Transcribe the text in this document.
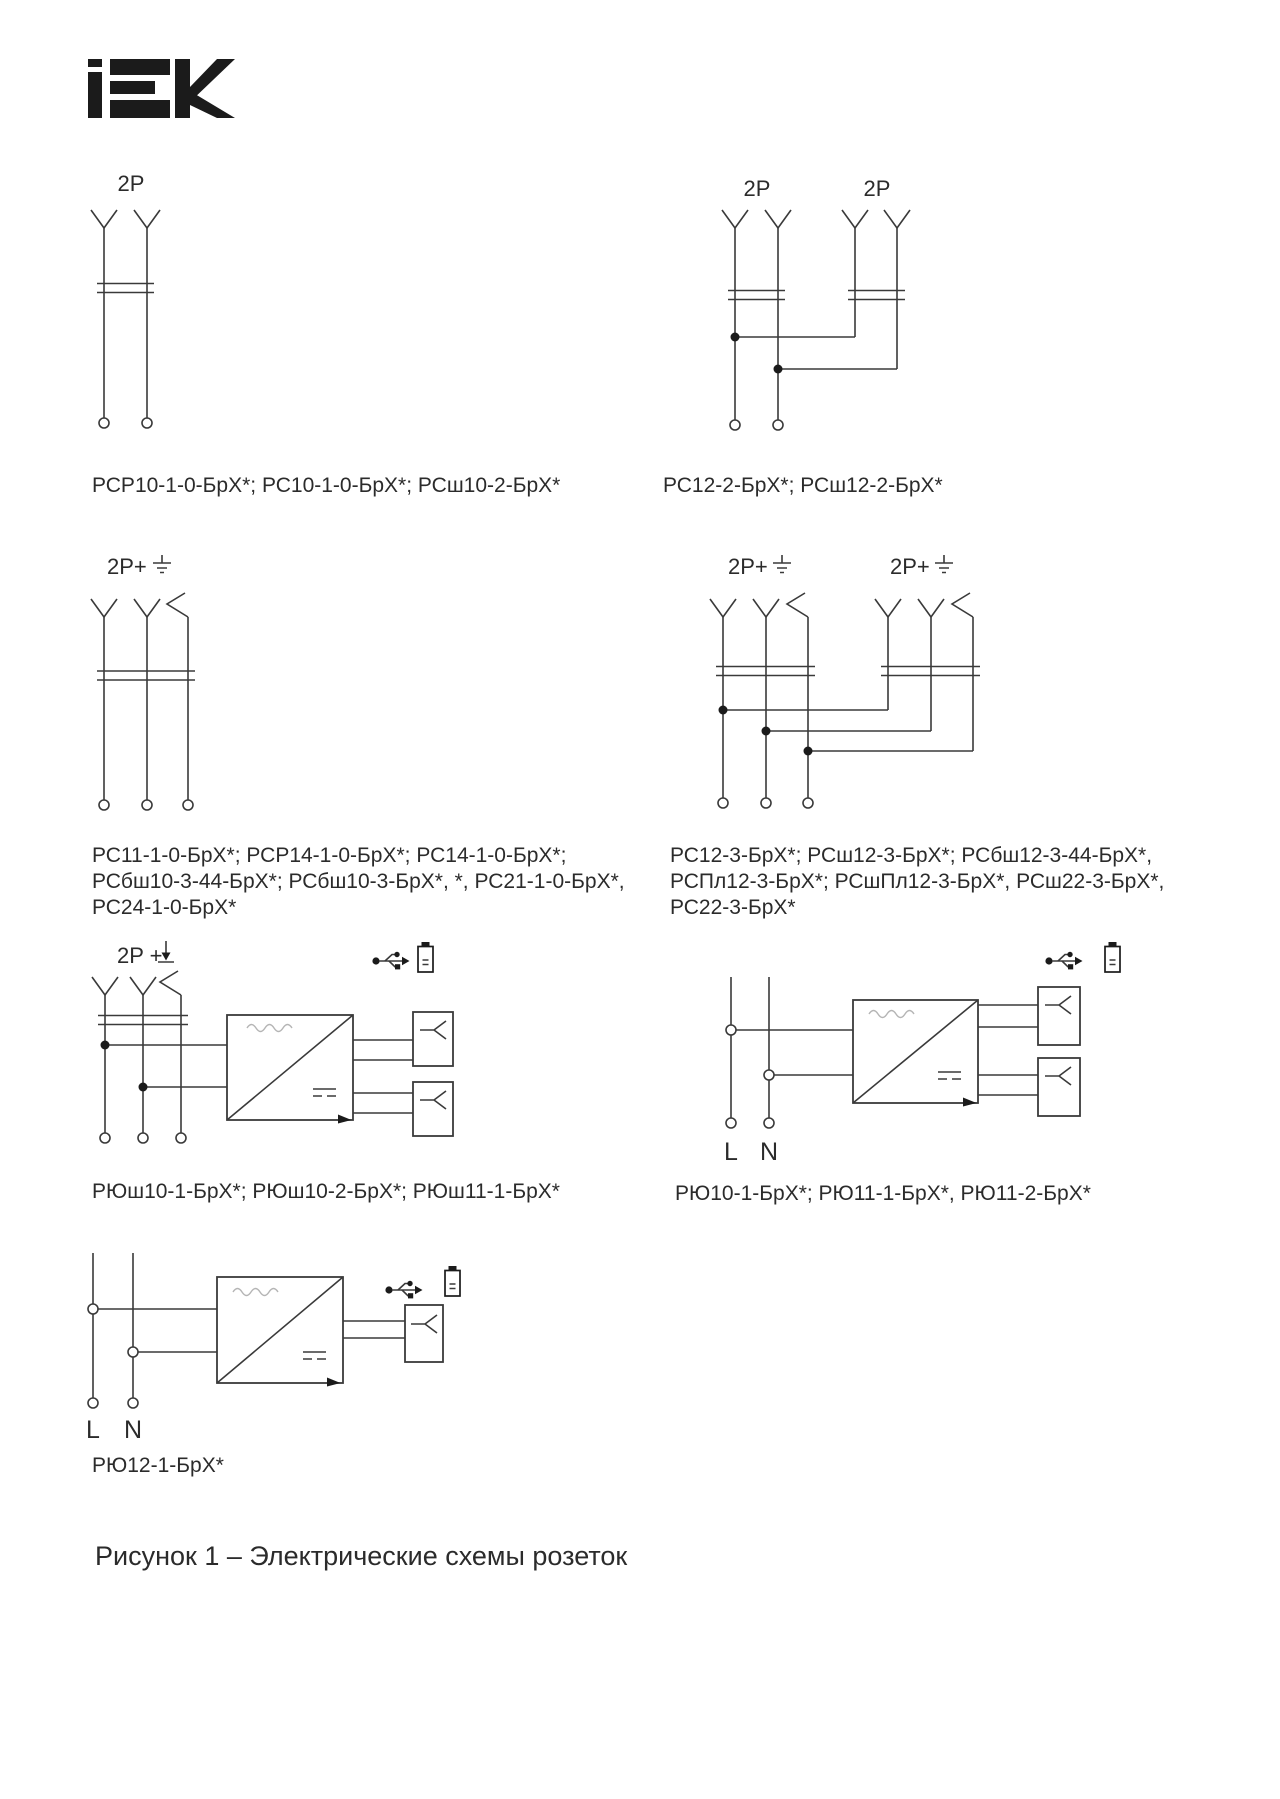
2P	2P	2P
2P+	2P+	2P+
2P +
L N
L N
РСР10-1-0-БрХ*; РС10-1-0-БрХ*; РСш10-2-БрХ*	РС12-2-БрХ*; РСш12-2-БрХ*
РС11-1-0-БрХ*; РСР14-1-0-БрХ*; РС14-1-0-БрХ*;
РСбш10-3-44-БрХ*; РСбш10-3-БрХ*, *, РС21-1-0-БрХ*,
РС24-1-0-БрХ*
РС12-3-БрХ*; РСш12-3-БрХ*; РСбш12-3-44-БрХ*,
РСПл12-3-БрХ*; РСшПл12-3-БрХ*, РСш22-3-БрХ*,
РС22-3-БрХ*
РЮш10-1-БрХ*; РЮш10-2-БрХ*; РЮш11-1-БрХ*	РЮ10-1-БрХ*; РЮ11-1-БрХ*, РЮ11-2-БрХ*
РЮ12-1-БрХ*
Рисунок 1 – Электрические схемы розеток
